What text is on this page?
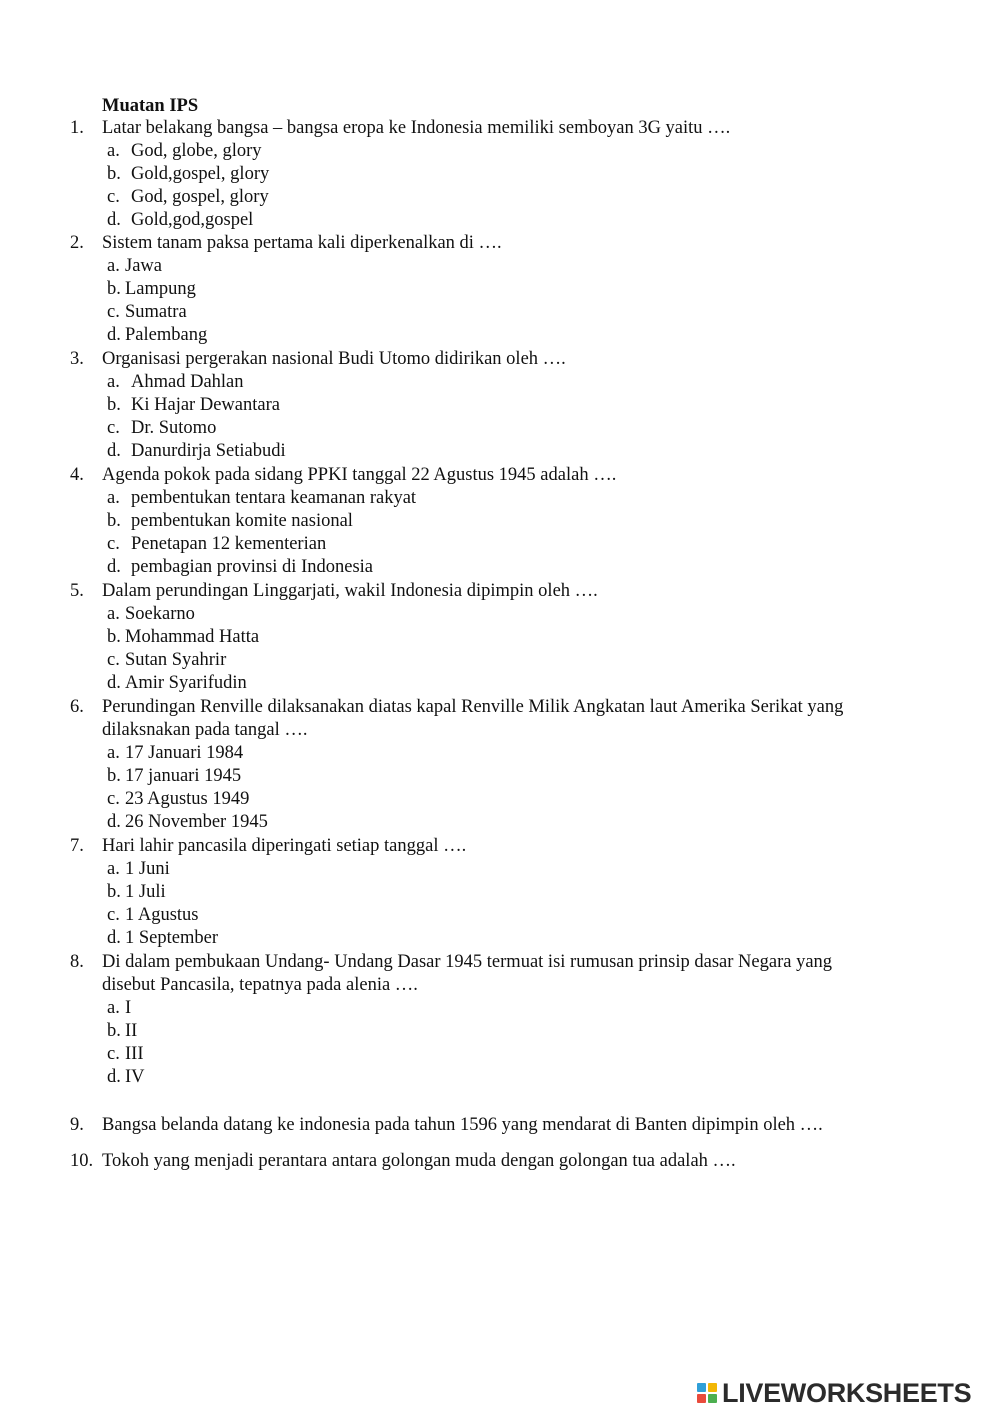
Muatan IPS
1. Latar belakang bangsa – bangsa eropa ke Indonesia memiliki semboyan 3G yaitu ….
a. God, globe, glory
b. Gold,gospel, glory
c. God, gospel, glory
d. Gold,god,gospel
2. Sistem tanam paksa pertama kali diperkenalkan di ….
a. Jawa
b. Lampung
c. Sumatra
d. Palembang
3. Organisasi pergerakan nasional Budi Utomo didirikan oleh ….
a. Ahmad Dahlan
b. Ki Hajar Dewantara
c. Dr. Sutomo
d. Danurdirja Setiabudi
4. Agenda pokok pada sidang PPKI tanggal 22 Agustus 1945 adalah ….
a. pembentukan tentara keamanan rakyat
b. pembentukan komite nasional
c. Penetapan 12 kementerian
d. pembagian provinsi di Indonesia
5. Dalam perundingan Linggarjati, wakil Indonesia dipimpin oleh ….
a. Soekarno
b. Mohammad Hatta
c. Sutan Syahrir
d. Amir Syarifudin
6. Perundingan Renville dilaksanakan diatas kapal Renville Milik Angkatan laut Amerika Serikat yang
dilaksnakan pada tangal ….
a. 17 Januari 1984
b. 17 januari 1945
c. 23 Agustus 1949
d. 26 November 1945
7. Hari lahir pancasila diperingati setiap tanggal ….
a. 1 Juni
b. 1 Juli
c. 1 Agustus
d. 1 September
8. Di dalam pembukaan Undang- Undang Dasar 1945 termuat isi rumusan prinsip dasar Negara yang
disebut Pancasila, tepatnya pada alenia ….
a. I
b. II
c. III
d. IV
9. Bangsa belanda datang ke indonesia pada tahun 1596 yang mendarat di Banten dipimpin oleh ….
10. Tokoh yang menjadi perantara antara golongan muda dengan golongan tua adalah ….
LIVEWORKSHEETS
